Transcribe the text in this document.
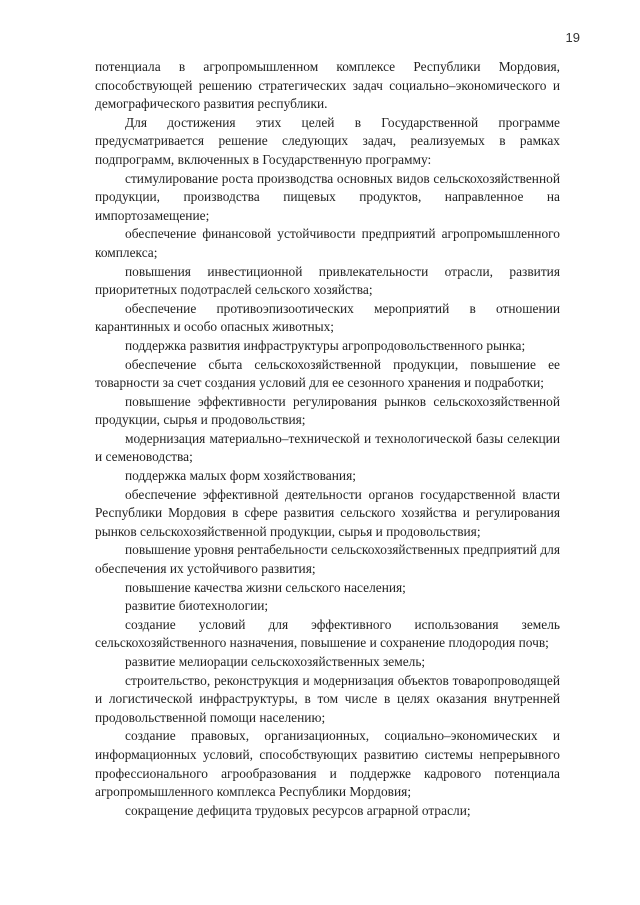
19

потенциала в агропромышленном комплексе Республики Мордовия, способствующей решению стратегических задач социально–экономического и демографического развития республики.

Для достижения этих целей в Государственной программе предусматривается решение следующих задач, реализуемых в рамках подпрограмм, включенных в Государственную программу:

стимулирование роста производства основных видов сельскохозяйственной продукции, производства пищевых продуктов, направленное на импортозамещение;

обеспечение финансовой устойчивости предприятий агропромышленного комплекса;

повышения инвестиционной привлекательности отрасли, развития приоритетных подотраслей сельского хозяйства;

обеспечение противоэпизоотических мероприятий в отношении карантинных и особо опасных животных;

поддержка развития инфраструктуры агропродовольственного рынка;

обеспечение сбыта сельскохозяйственной продукции, повышение ее товарности за счет создания условий для ее сезонного хранения и подработки;

повышение эффективности регулирования рынков сельскохозяйственной продукции, сырья и продовольствия;

модернизация материально–технической и технологической базы селекции и семеноводства;

поддержка малых форм хозяйствования;

обеспечение эффективной деятельности органов государственной власти Республики Мордовия в сфере развития сельского хозяйства и регулирования рынков сельскохозяйственной продукции, сырья и продовольствия;

повышение уровня рентабельности сельскохозяйственных предприятий для обеспечения их устойчивого развития;

повышение качества жизни сельского населения;

развитие биотехнологии;

создание условий для эффективного использования земель сельскохозяйственного назначения, повышение и сохранение плодородия почв;

развитие мелиорации сельскохозяйственных земель;

строительство, реконструкция и модернизация объектов товаропроводящей и логистической инфраструктуры, в том числе в целях оказания внутренней продовольственной помощи населению;

создание правовых, организационных, социально–экономических и информационных условий, способствующих развитию системы непрерывного профессионального агрообразования и поддержке кадрового потенциала агропромышленного комплекса Республики Мордовия;

сокращение дефицита трудовых ресурсов аграрной отрасли;
